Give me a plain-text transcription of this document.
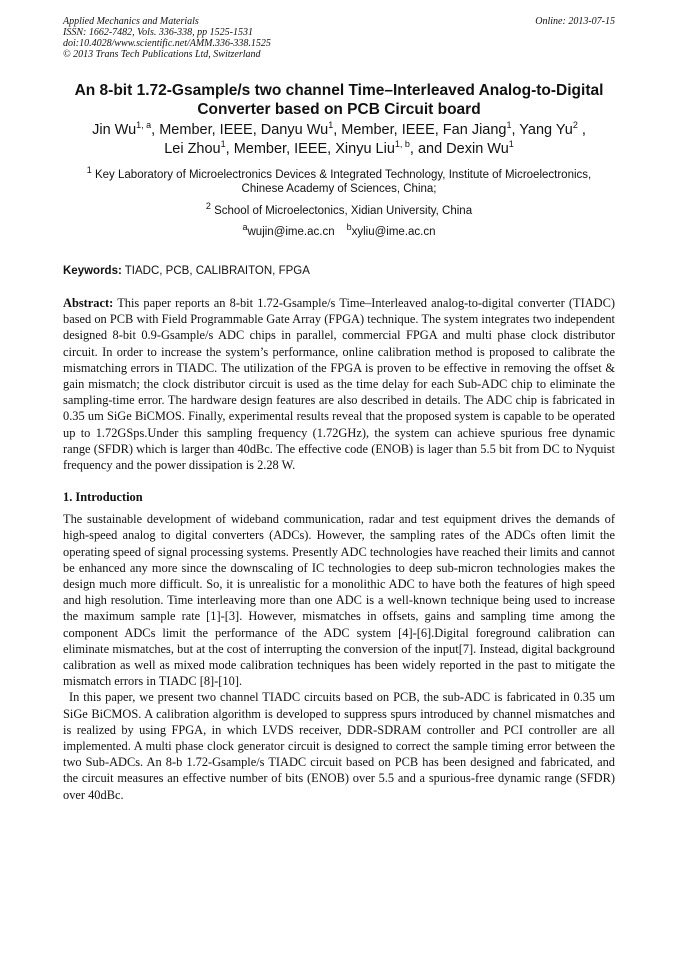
Applied Mechanics and Materials
ISSN: 1662-7482, Vols. 336-338, pp 1525-1531
doi:10.4028/www.scientific.net/AMM.336-338.1525
© 2013 Trans Tech Publications Ltd, Switzerland
Online: 2013-07-15
An 8-bit 1.72-Gsample/s two channel Time–Interleaved Analog-to-Digital
Converter based on PCB Circuit board
Jin Wu$^{1, a}$, Member, IEEE, Danyu Wu$^1$, Member, IEEE, Fan Jiang$^1$, Yang Yu$^2$ ,
Lei Zhou$^1$, Member, IEEE, Xinyu Liu$^{1, b}$, and Dexin Wu$^1$
$^1$ Key Laboratory of Microelectronics Devices & Integrated Technology, Institute of Microelectronics,
Chinese Academy of Sciences, China;
$^2$ School of Microelectonics, Xidian University, China
$^a$wujin@ime.ac.cn $^b$xyliu@ime.ac.cn
Keywords: TIADC, PCB, CALIBRAITON, FPGA

Abstract: This paper reports an 8-bit 1.72-Gsample/s Time–Interleaved analog-to-digital converter (TIADC) based on PCB with Field Programmable Gate Array (FPGA) technique. The system integrates two independent designed 8-bit 0.9-Gsample/s ADC chips in parallel, commercial FPGA and multi phase clock distributor circuit. In order to increase the system’s performance, online calibration method is proposed to calibrate the mismatching errors in TIADC. The utilization of the FPGA is proven to be effective in removing the offset & gain mismatch; the clock distributor circuit is used as the time delay for each Sub-ADC chip to eliminate the sampling-time error. The hardware design features are also described in details. The ADC chip is fabricated in 0.35 um SiGe BiCMOS. Finally, experimental results reveal that the proposed system is capable to be operated up to 1.72GSps.Under this sampling frequency (1.72GHz), the system can achieve spurious free dynamic range (SFDR) which is larger than 40dBc. The effective code (ENOB) is lager than 5.5 bit from DC to Nyquist frequency and the power dissipation is 2.28 W.

1. Introduction

The sustainable development of wideband communication, radar and test equipment drives the demands of high-speed analog to digital converters (ADCs). However, the sampling rates of the ADCs often limit the operating speed of signal processing systems. Presently ADC technologies have reached their limits and cannot be enhanced any more since the downscaling of IC technologies to deep sub-micron technologies makes the design much more difficult. So, it is unrealistic for a monolithic ADC to have both the features of high speed and high resolution. Time interleaving more than one ADC is a well-known technique being used to increase the maximum sample rate [1]-[3]. However, mismatches in offsets, gains and sampling time among the component ADCs limit the performance of the ADC system [4]-[6].Digital foreground calibration can eliminate mismatches, but at the cost of interrupting the conversion of the input[7]. Instead, digital background calibration as well as mixed mode calibration techniques has been widely reported in the past to mitigate the mismatch errors in TIADC [8]-[10].

In this paper, we present two channel TIADC circuits based on PCB, the sub-ADC is fabricated in 0.35 um SiGe BiCMOS. A calibration algorithm is developed to suppress spurs introduced by channel mismatches and is realized by using FPGA, in which LVDS receiver, DDR-SDRAM controller and PCI controller are all implemented. A multi phase clock generator circuit is designed to correct the sample timing error between the two Sub-ADCs. An 8-b 1.72-Gsample/s TIADC circuit based on PCB has been designed and fabricated, and the circuit measures an effective number of bits (ENOB) over 5.5 and a spurious-free dynamic range (SFDR) over 40dBc.
